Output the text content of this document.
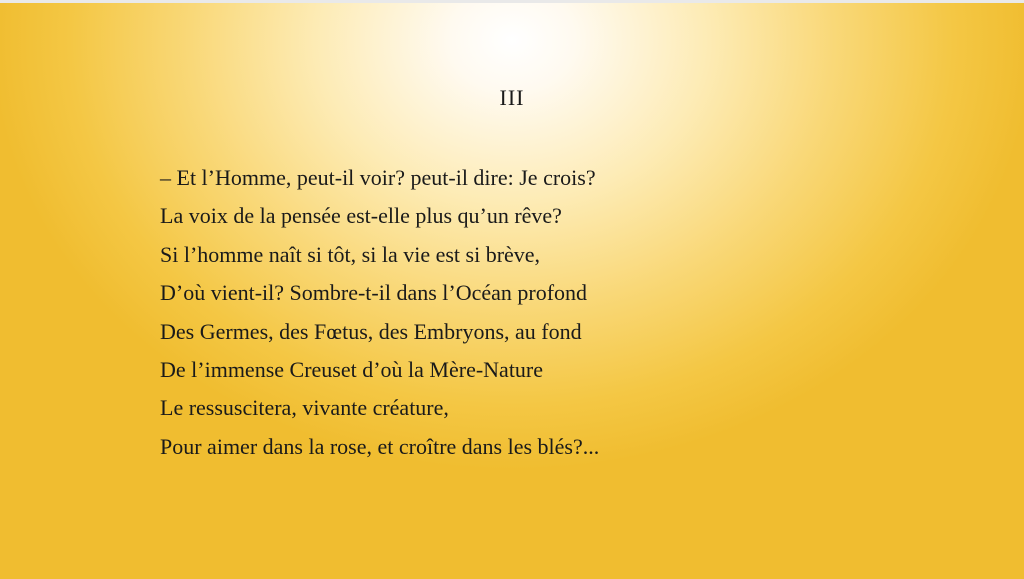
III
– Et l’Homme, peut-il voir? peut-il dire: Je crois?
La voix de la pensée est-elle plus qu’un rêve?
Si l’homme naît si tôt, si la vie est si brève,
D’où vient-il? Sombre-t-il dans l’Océan profond
Des Germes, des Fœtus, des Embryons, au fond
De l’immense Creuset d’où la Mère-Nature
Le ressuscitera, vivante créature,
Pour aimer dans la rose, et croître dans les blés?...
